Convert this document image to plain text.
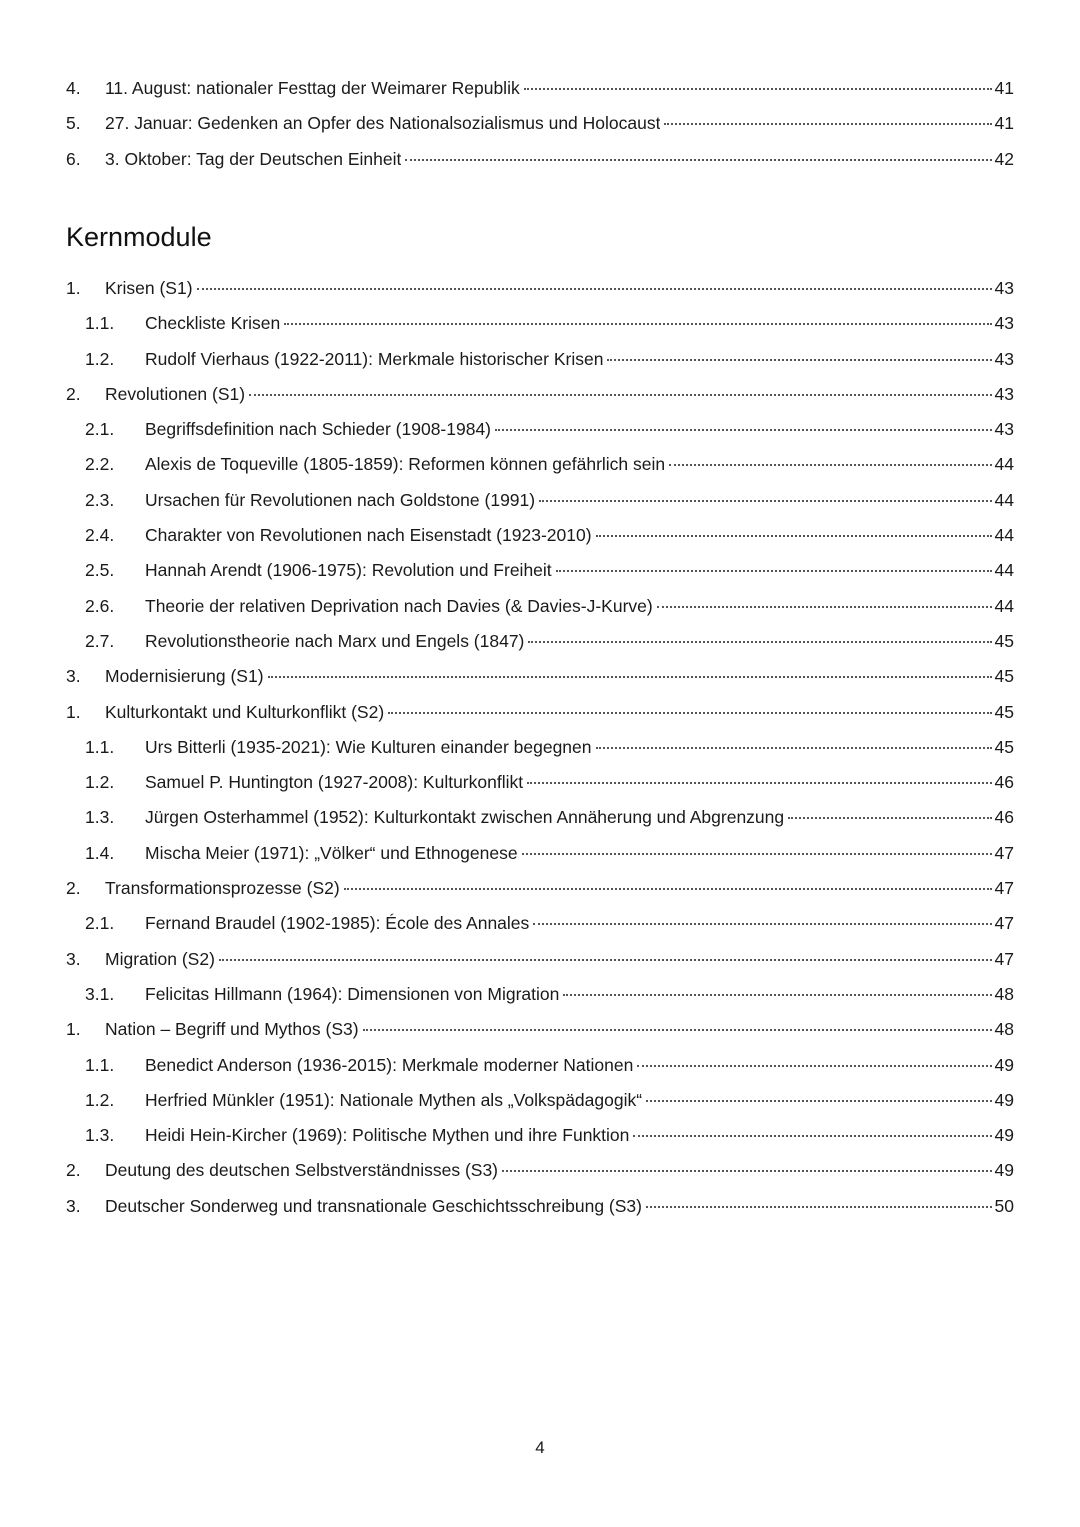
4.	11. August: nationaler Festtag der Weimarer Republik	41
5.	27. Januar: Gedenken an Opfer des Nationalsozialismus und Holocaust	41
6.	3. Oktober: Tag der Deutschen Einheit	42
Kernmodule
1.	Krisen (S1)	43
1.1.	Checkliste Krisen	43
1.2.	Rudolf Vierhaus (1922-2011): Merkmale historischer Krisen	43
2.	Revolutionen (S1)	43
2.1.	Begriffsdefinition nach Schieder (1908-1984)	43
2.2.	Alexis de Toqueville (1805-1859): Reformen können gefährlich sein	44
2.3.	Ursachen für Revolutionen nach Goldstone (1991)	44
2.4.	Charakter von Revolutionen nach Eisenstadt (1923-2010)	44
2.5.	Hannah Arendt (1906-1975): Revolution und Freiheit	44
2.6.	Theorie der relativen Deprivation nach Davies (& Davies-J-Kurve)	44
2.7.	Revolutionstheorie nach Marx und Engels (1847)	45
3.	Modernisierung (S1)	45
1.	Kulturkontakt und Kulturkonflikt (S2)	45
1.1.	Urs Bitterli (1935-2021): Wie Kulturen einander begegnen	45
1.2.	Samuel P. Huntington (1927-2008): Kulturkonflikt	46
1.3.	Jürgen Osterhammel (1952): Kulturkontakt zwischen Annäherung und Abgrenzung	46
1.4.	Mischa Meier (1971): „Völker“ und Ethnogenese	47
2.	Transformationsprozesse (S2)	47
2.1.	Fernand Braudel (1902-1985): École des Annales	47
3.	Migration (S2)	47
3.1.	Felicitas Hillmann (1964): Dimensionen von Migration	48
1.	Nation – Begriff und Mythos (S3)	48
1.1.	Benedict Anderson (1936-2015): Merkmale moderner Nationen	49
1.2.	Herfried Münkler (1951): Nationale Mythen als „Volkspädagogik“	49
1.3.	Heidi Hein-Kircher (1969): Politische Mythen und ihre Funktion	49
2.	Deutung des deutschen Selbstverständnisses (S3)	49
3.	Deutscher Sonderweg und transnationale Geschichtsschreibung (S3)	50
4
